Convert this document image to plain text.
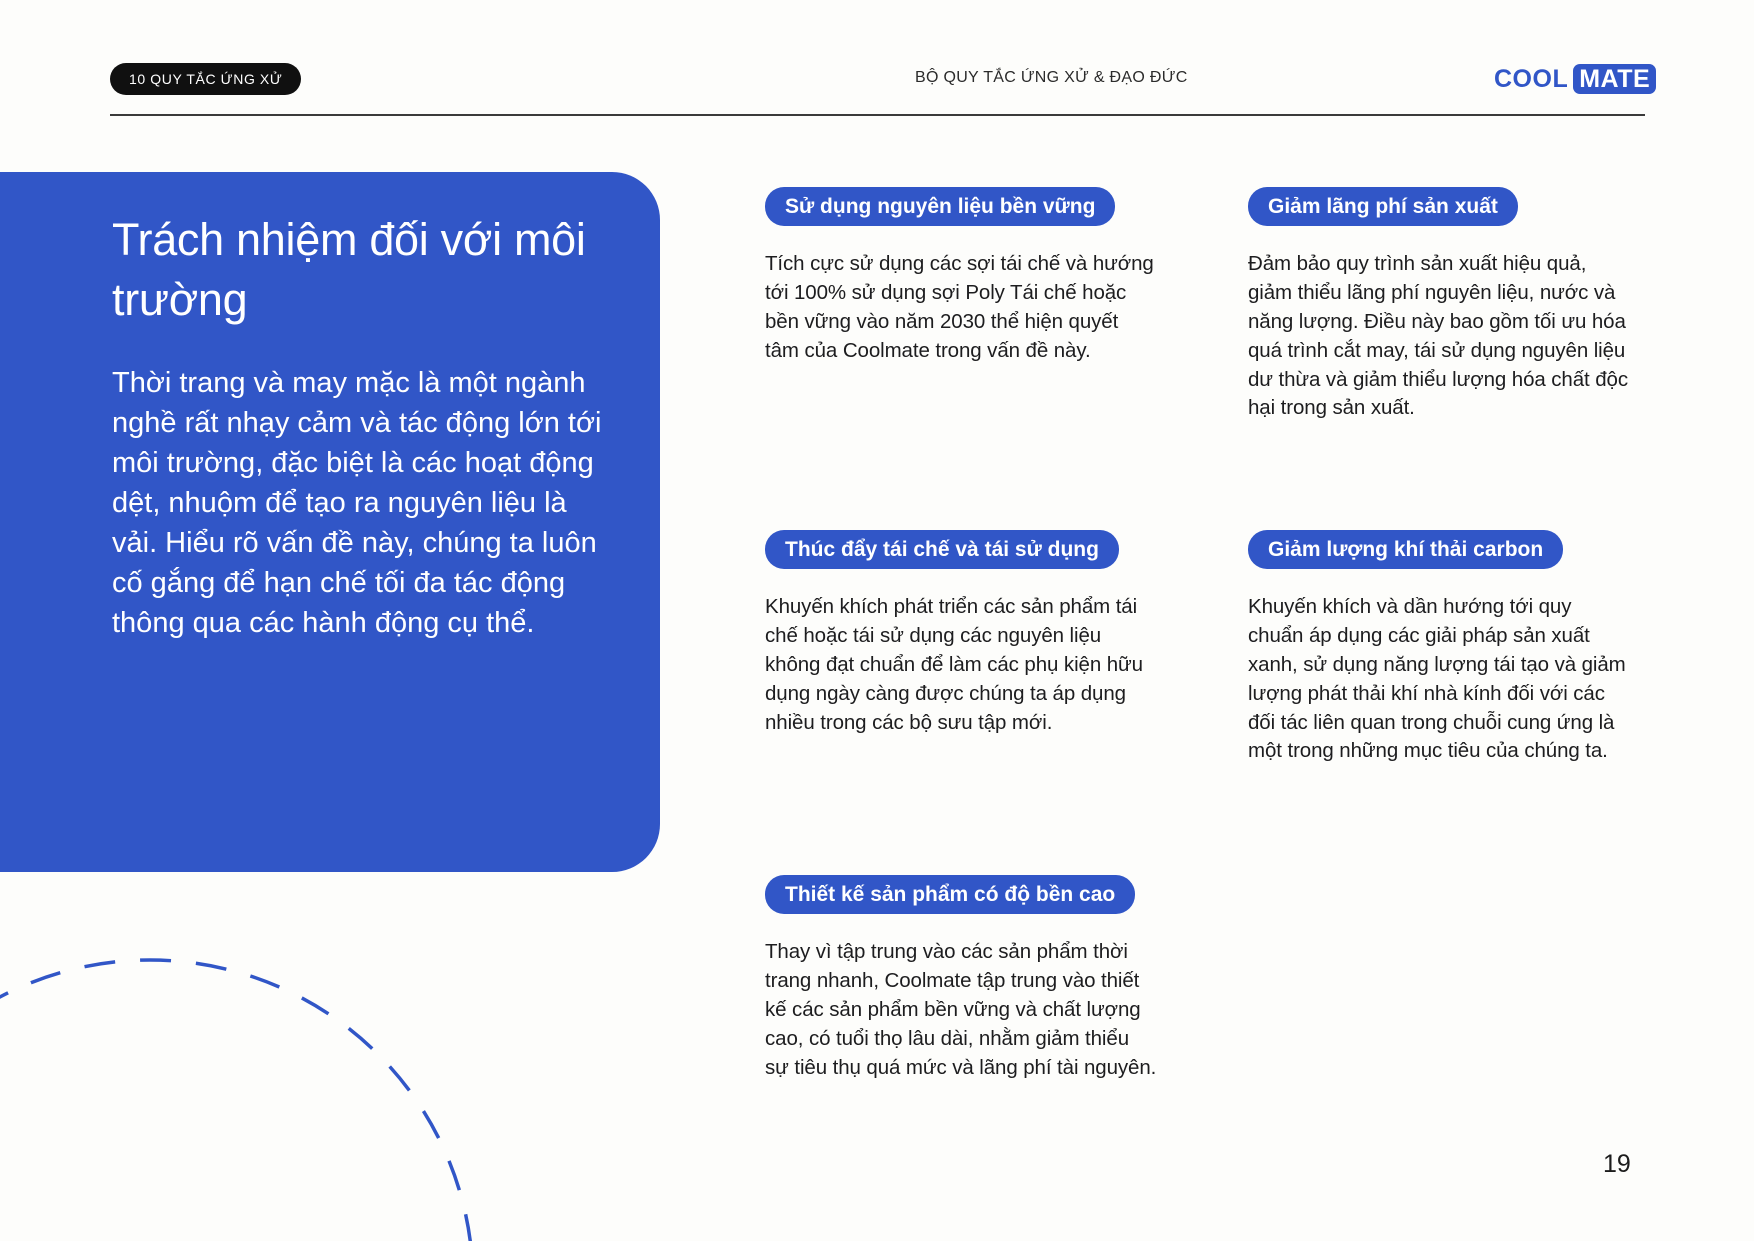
10 QUY TẮC ỨNG XỬ	BỘ QUY TẮC ỨNG XỬ & ĐẠO ĐỨC	COOL MATE
Trách nhiệm đối với môi trường

Thời trang và may mặc là một ngành nghề rất nhạy cảm và tác động lớn tới môi trường, đặc biệt là các hoạt động dệt, nhuộm để tạo ra nguyên liệu là vải. Hiểu rõ vấn đề này, chúng ta luôn cố gắng để hạn chế tối đa tác động thông qua các hành động cụ thể.

Sử dụng nguyên liệu bền vững

Tích cực sử dụng các sợi tái chế và hướng tới 100% sử dụng sợi Poly Tái chế hoặc bền vững vào năm 2030 thể hiện quyết tâm của Coolmate trong vấn đề này.

Thúc đẩy tái chế và tái sử dụng

Khuyến khích phát triển các sản phẩm tái chế hoặc tái sử dụng các nguyên liệu không đạt chuẩn để làm các phụ kiện hữu dụng ngày càng được chúng ta áp dụng nhiều trong các bộ sưu tập mới.

Thiết kế sản phẩm có độ bền cao

Thay vì tập trung vào các sản phẩm thời trang nhanh, Coolmate tập trung vào thiết kế các sản phẩm bền vững và chất lượng cao, có tuổi thọ lâu dài, nhằm giảm thiểu sự tiêu thụ quá mức và lãng phí tài nguyên.

Giảm lãng phí sản xuất

Đảm bảo quy trình sản xuất hiệu quả, giảm thiểu lãng phí nguyên liệu, nước và năng lượng. Điều này bao gồm tối ưu hóa quá trình cắt may, tái sử dụng nguyên liệu dư thừa và giảm thiểu lượng hóa chất độc hại trong sản xuất.

Giảm lượng khí thải carbon

Khuyến khích và dần hướng tới quy chuẩn áp dụng các giải pháp sản xuất xanh, sử dụng năng lượng tái tạo và giảm lượng phát thải khí nhà kính đối với các đối tác liên quan trong chuỗi cung ứng là một trong những mục tiêu của chúng ta.

19
